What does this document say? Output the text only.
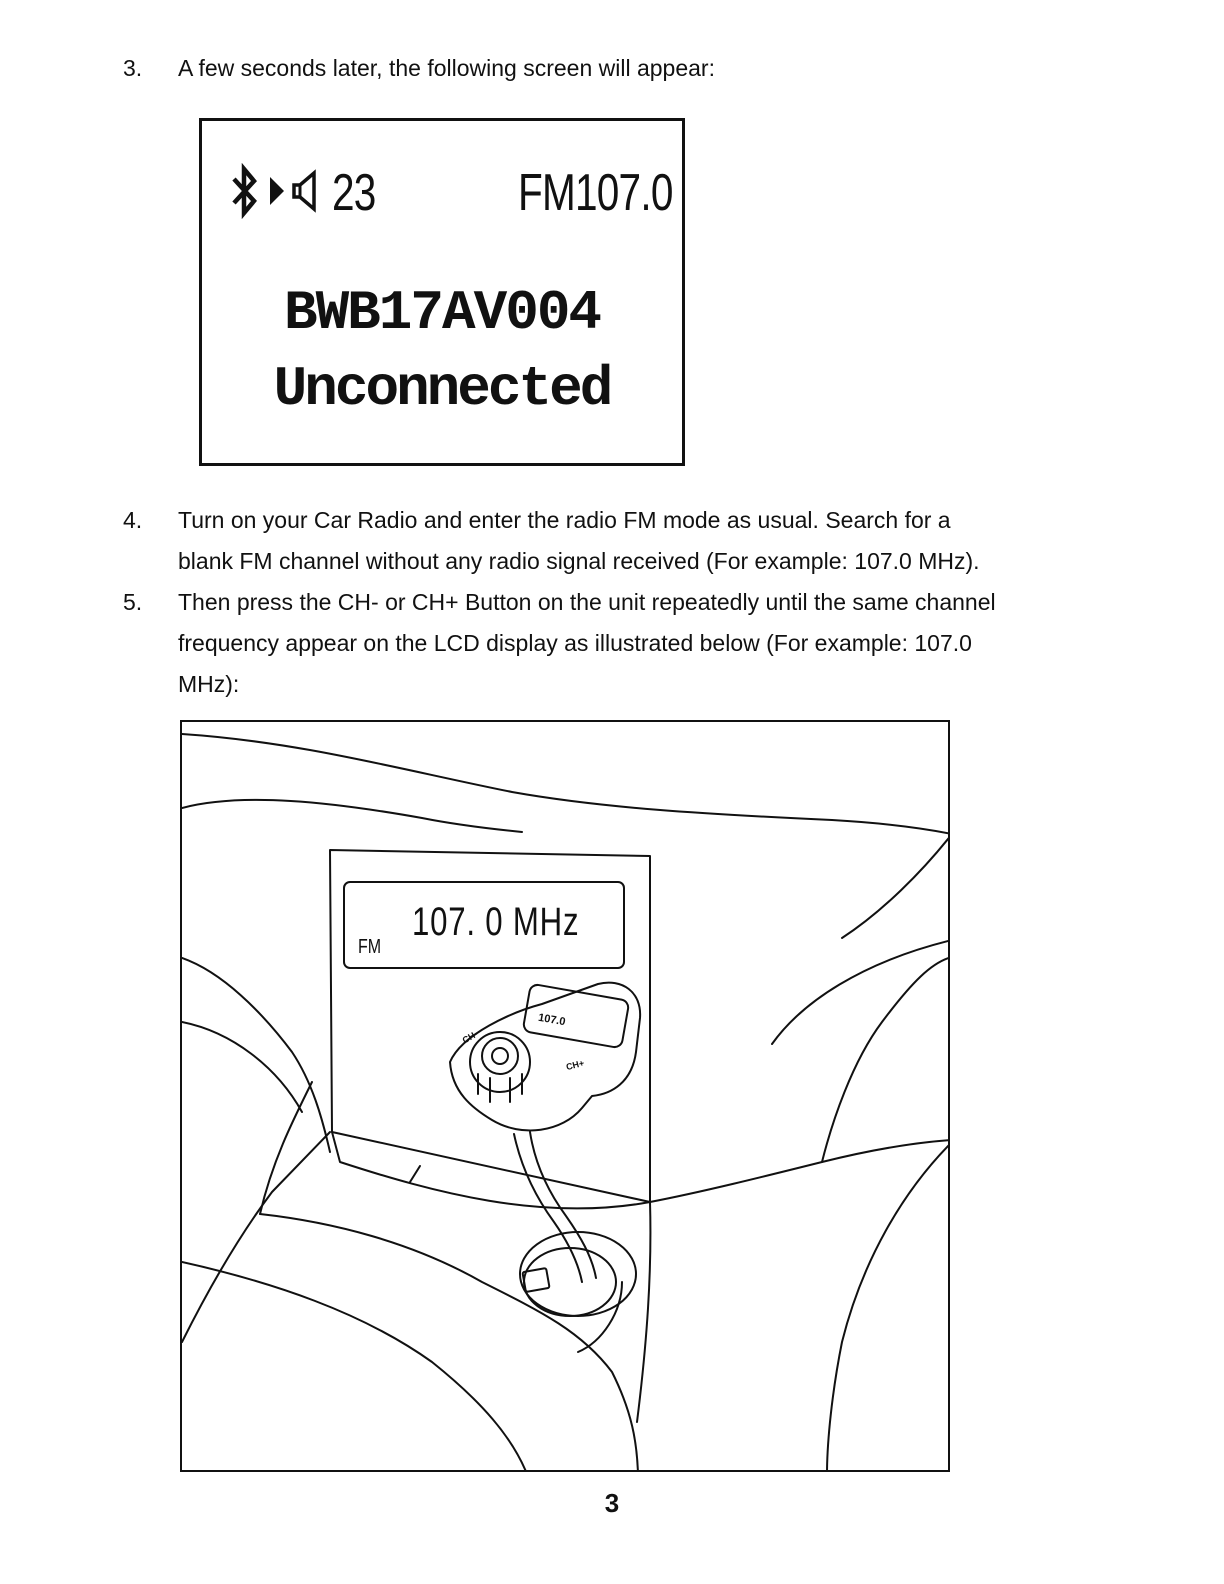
3. A few seconds later, the following screen will appear:
23	FM107.0
BWB17AV004
Unconnected
4. Turn on your Car Radio and enter the radio FM mode as usual. Search for a
blank FM channel without any radio signal received (For example: 107.0 MHz).
5. Then press the CH- or CH+ Button on the unit repeatedly until the same channel
frequency appear on the LCD display as illustrated below (For example: 107.0
MHz):
107. 0 MHz
FM
107.0
CH-
CH+
3
